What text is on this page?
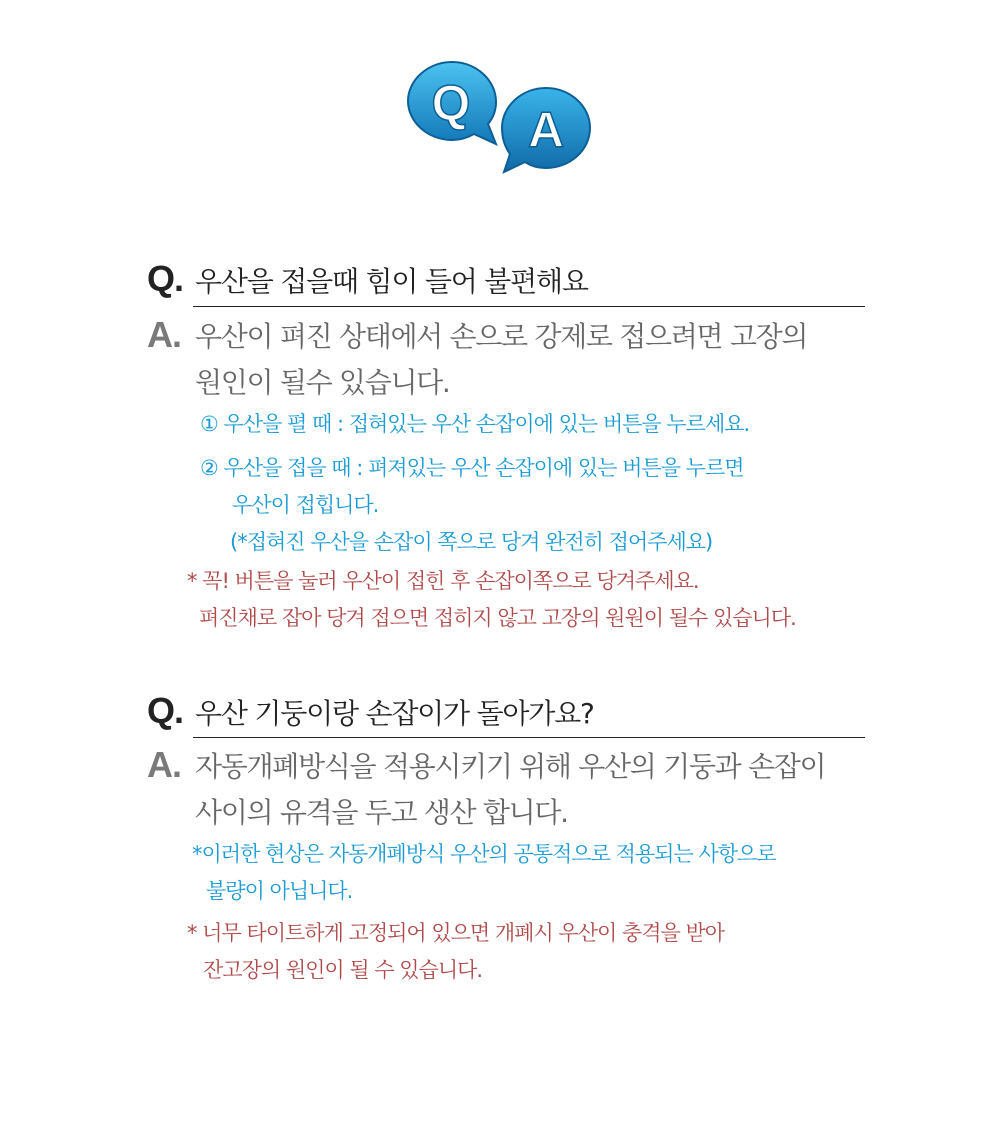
Q A
Q. 우산을 접을때 힘이 들어 불편해요
A. 우산이 펴진 상태에서 손으로 강제로 접으려면 고장의
원인이 될수 있습니다.
① 우산을 펼 때 : 접혀있는 우산 손잡이에 있는 버튼을 누르세요.
② 우산을 접을 때 : 펴져있는 우산 손잡이에 있는 버튼을 누르면
우산이 접힙니다.
(*접혀진 우산을 손잡이 쪽으로 당겨 완전히 접어주세요)
* 꼭! 버튼을 눌러 우산이 접힌 후 손잡이쪽으로 당겨주세요.
펴진채로 잡아 당겨 접으면 접히지 않고 고장의 원원이 될수 있습니다.
Q. 우산 기둥이랑 손잡이가 돌아가요?
A. 자동개폐방식을 적용시키기 위해 우산의 기둥과 손잡이
사이의 유격을 두고 생산 합니다.
*이러한 현상은 자동개폐방식 우산의 공통적으로 적용되는 사항으로
불량이 아닙니다.
* 너무 타이트하게 고정되어 있으면 개폐시 우산이 충격을 받아
잔고장의 원인이 될 수 있습니다.
